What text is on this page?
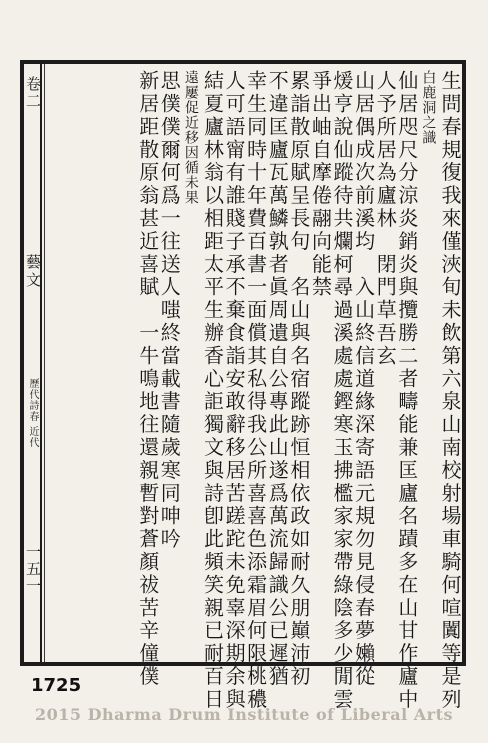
卷二
藝文
歷代詩春 近代
一五一	生問春規復我來僅浹旬未飲第六泉山南校射場車騎何喧闐等是列
白鹿洞之識
仙居咫尺分涼炎銷炎與攬勝二者疇能兼匡廬名蹟多在山甘作廬中
人予所居為廬林　閉門草吾玄
山居偶成次前溪均　入山終信道緣深寄語元規勿見侵春夢嬾從
煖亨說仙蹤待共爛柯尋過溪處處鏗寒玉拂檻家家帶綠陰多少閒雲
爭出岫自摩倦翮向能禁
累詣散原賦呈長句　名山與名宿蹤跡恒相依政如耐久朋巔沛初
不違匡廬瓦萬鱗孰者眞周遺自公專此山遂爲萬流歸識公已遲猶
幸生同時十年費百書一面償其私得我公所喜喜色添霜眉何限桃穠
人可語甯有誰賤子承不棄食詣安敢辭移居苦蹉跎未免辜深期余與
結夏廬林翁以相距太平生辦香心詎獨文與詩卽此頻笑親已耐百日
遠屢促近移因循未果
思僕僕爾何爲一往送人嗤終當載書隨歲寒同呻吟
新居距散原翁甚近喜賦　一牛鳴地往還親暫對蒼顏祓苦辛僮僕
1725
2015 Dharma Drum Institute of Liberal Arts
